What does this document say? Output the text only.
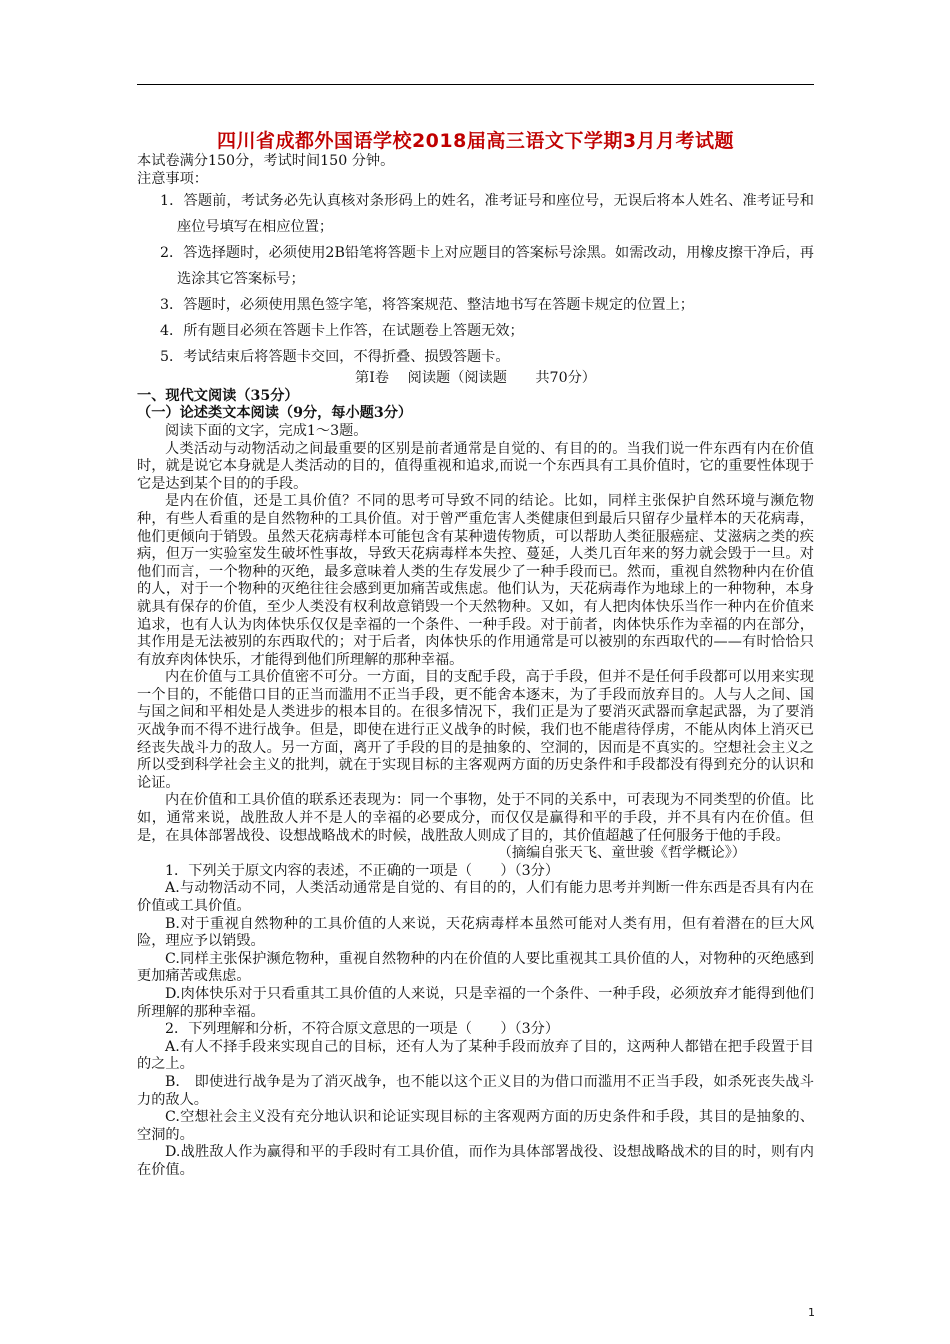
四川省成都外国语学校2018届高三语文下学期3月月考试题

本试卷满分150分，考试时间150 分钟。

注意事项：

1．答题前，考试务必先认真核对条形码上的姓名，准考证号和座位号，无误后将本人姓名、准考证号和座位号填写在相应位置；

2．答选择题时，必须使用2B铅笔将答题卡上对应题目的答案标号涂黑。如需改动，用橡皮擦干净后，再选涂其它答案标号；

3．答题时，必须使用黑色签字笔，将答案规范、整洁地书写在答题卡规定的位置上；

4．所有题目必须在答题卡上作答，在试题卷上答题无效；

5．考试结束后将答题卡交回，不得折叠、损毁答题卡。

第Ⅰ卷　 阅读题（阅读题　　共70分）

一、现代文阅读（35分）

（一）论述类文本阅读（9分，每小题3分）

阅读下面的文字，完成1～3题。

人类活动与动物活动之间最重要的区别是前者通常是自觉的、有目的的。当我们说一件东西有内在价值时，就是说它本身就是人类活动的目的，值得重视和追求,而说一个东西具有工具价值时，它的重要性体现于它是达到某个目的的手段。

是内在价值，还是工具价值？不同的思考可导致不同的结论。比如，同样主张保护自然环境与濒危物种，有些人看重的是自然物种的工具价值。对于曾严重危害人类健康但到最后只留存少量样本的天花病毒，他们更倾向于销毁。虽然天花病毒样本可能包含有某种遗传物质，可以帮助人类征服癌症、艾滋病之类的疾病，但万一实验室发生破坏性事故，导致天花病毒样本失控、蔓延，人类几百年来的努力就会毁于一旦。对他们而言，一个物种的灭绝，最多意味着人类的生存发展少了一种手段而已。然而，重视自然物种内在价值的人，对于一个物种的灭绝往往会感到更加痛苦或焦虑。他们认为，天花病毒作为地球上的一种物种，本身就具有保存的价值，至少人类没有权利故意销毁一个天然物种。又如，有人把肉体快乐当作一种内在价值来追求，也有人认为肉体快乐仅仅是幸福的一个条件、一种手段。对于前者，肉体快乐作为幸福的内在部分，其作用是无法被别的东西取代的；对于后者，肉体快乐的作用通常是可以被别的东西取代的——有时恰恰只有放弃肉体快乐，才能得到他们所理解的那种幸福。

内在价值与工具价值密不可分。一方面，目的支配手段，高于手段，但并不是任何手段都可以用来实现一个目的，不能借口目的正当而滥用不正当手段，更不能舍本逐末，为了手段而放弃目的。人与人之间、国与国之间和平相处是人类进步的根本目的。在很多情况下，我们正是为了要消灭武器而拿起武器，为了要消灭战争而不得不进行战争。但是，即使在进行正义战争的时候，我们也不能虐待俘虏，不能从肉体上消灭已经丧失战斗力的敌人。另一方面，离开了手段的目的是抽象的、空洞的，因而是不真实的。空想社会主义之所以受到科学社会主义的批判，就在于实现目标的主客观两方面的历史条件和手段都没有得到充分的认识和论证。

内在价值和工具价值的联系还表现为：同一个事物，处于不同的关系中，可表现为不同类型的价值。比如，通常来说，战胜敌人并不是人的幸福的必要成分，而仅仅是赢得和平的手段，并不具有内在价值。但是，在具体部署战役、设想战略战术的时候，战胜敌人则成了目的，其价值超越了任何服务于他的手段。

（摘编自张天飞、童世骏《哲学概论》）

1．下列关于原文内容的表述，不正确的一项是（　　）（3分）

A.与动物活动不同，人类活动通常是自觉的、有目的的，人们有能力思考并判断一件东西是否具有内在价值或工具价值。

B.对于重视自然物种的工具价值的人来说，天花病毒样本虽然可能对人类有用，但有着潜在的巨大风险，理应予以销毁。

C.同样主张保护濒危物种，重视自然物种的内在价值的人要比重视其工具价值的人，对物种的灭绝感到更加痛苦或焦虑。

D.肉体快乐对于只看重其工具价值的人来说，只是幸福的一个条件、一种手段，必须放弃才能得到他们所理解的那种幸福。

2．下列理解和分析，不符合原文意思的一项是（　　）（3分）

A.有人不择手段来实现自己的目标，还有人为了某种手段而放弃了目的，这两种人都错在把手段置于目的之上。

B.　即使进行战争是为了消灭战争，也不能以这个正义目的为借口而滥用不正当手段，如杀死丧失战斗力的敌人。

C.空想社会主义没有充分地认识和论证实现目标的主客观两方面的历史条件和手段，其目的是抽象的、空洞的。

D.战胜敌人作为赢得和平的手段时有工具价值，而作为具体部署战役、设想战略战术的目的时，则有内在价值。

1
